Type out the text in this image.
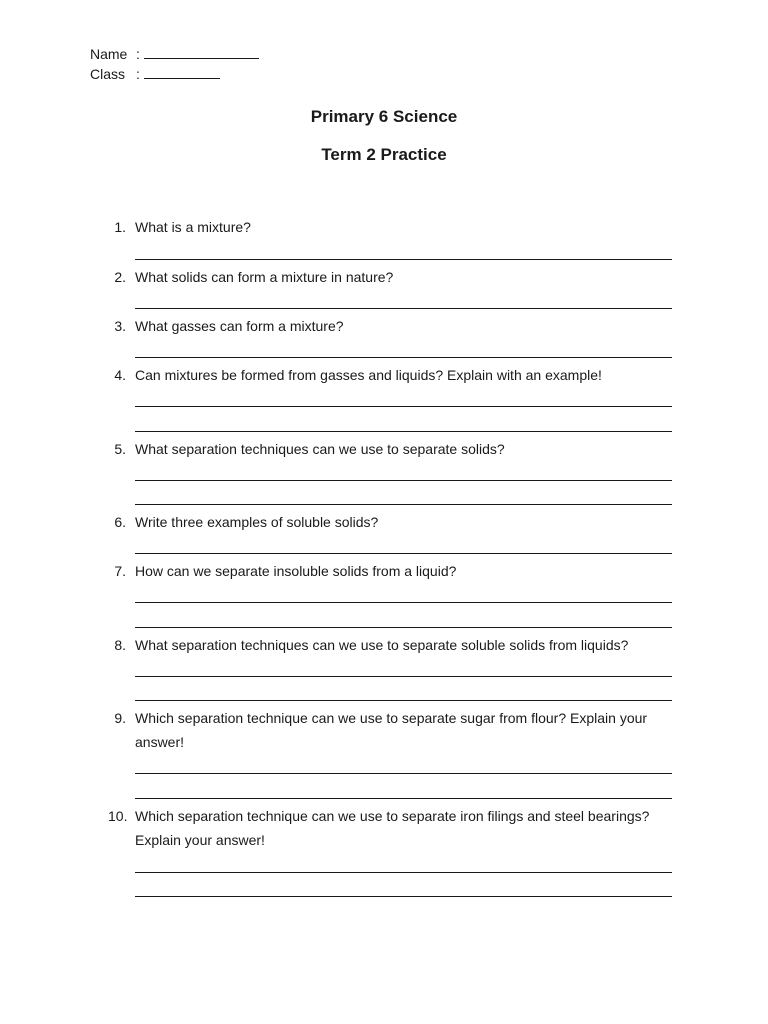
Name :
Class :
Primary 6 Science
Term 2 Practice
1. What is a mixture?
2. What solids can form a mixture in nature?
3. What gasses can form a mixture?
4. Can mixtures be formed from gasses and liquids? Explain with an example!
5. What separation techniques can we use to separate solids?
6. Write three examples of soluble solids?
7. How can we separate insoluble solids from a liquid?
8. What separation techniques can we use to separate soluble solids from liquids?
9. Which separation technique can we use to separate sugar from flour? Explain your answer!
10. Which separation technique can we use to separate iron filings and steel bearings? Explain your answer!
